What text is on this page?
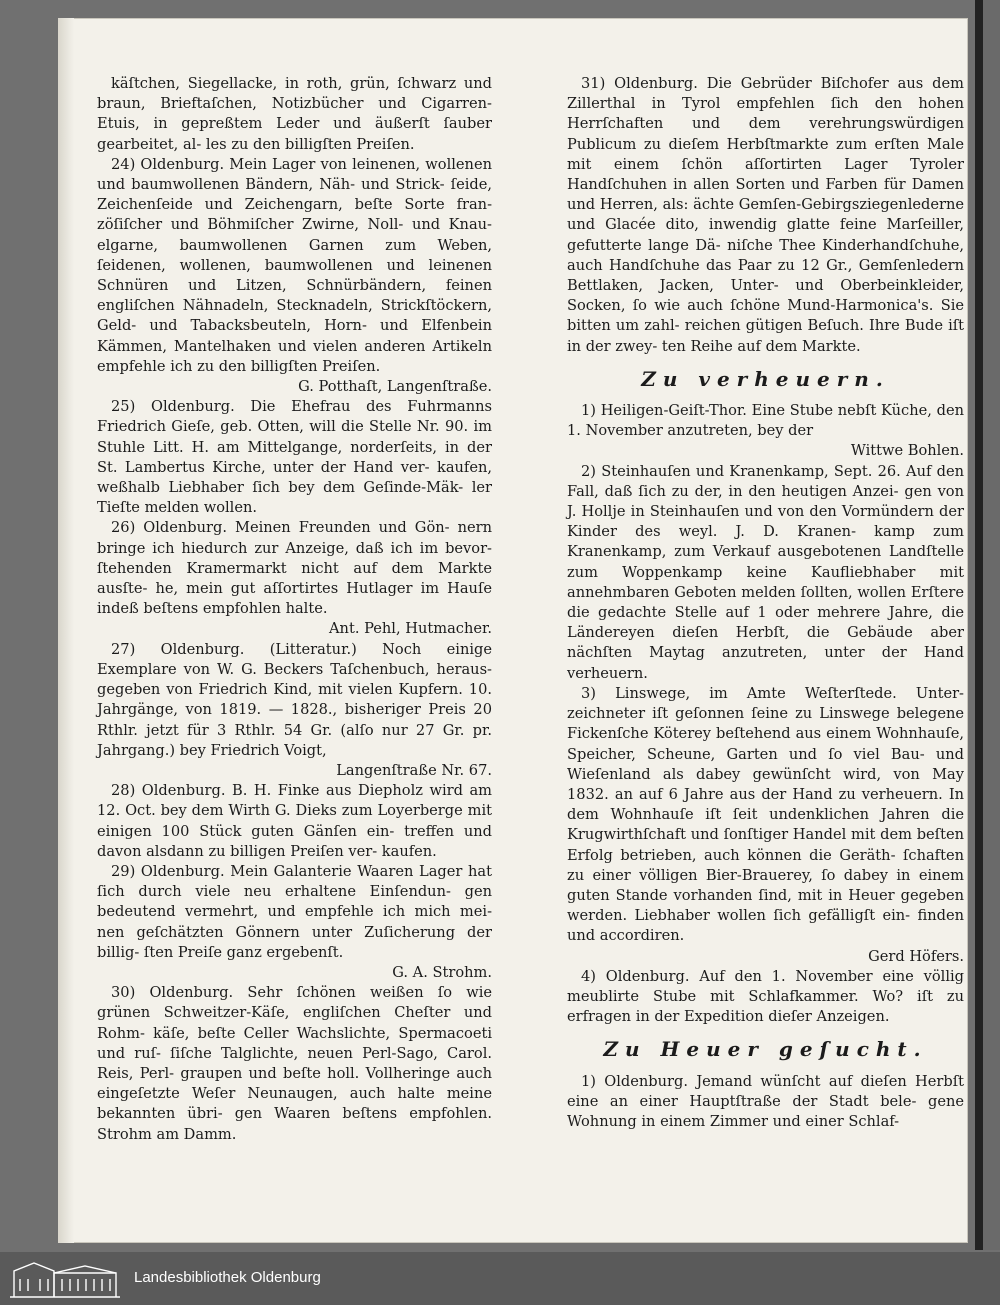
käſtchen, Siegellacke, in roth, grün, ſchwarz und braun, Brieftaſchen, Notizbücher und Cigarren-Etuis, in gepreßtem Leder und äußerſt ſauber gearbeitet, al- les zu den billigſten Preiſen.

24) Oldenburg. Mein Lager von leinenen, wollenen und baumwollenen Bändern, Näh- und Strick- ſeide, Zeichenſeide und Zeichengarn, beſte Sorte fran- zöſiſcher und Böhmiſcher Zwirne, Noll- und Knau- elgarne, baumwollenen Garnen zum Weben, ſeidenen, wollenen, baumwollenen und leinenen Schnüren und Litzen, Schnürbändern, feinen engliſchen Nähnadeln, Stecknadeln, Strickſtöckern, Geld- und Tabacksbeuteln, Horn- und Elfenbein Kämmen, Mantelhaken und vielen anderen Artikeln empfehle ich zu den billigſten Preiſen.

G. Potthaſt, Langenſtraße.

25) Oldenburg. Die Ehefrau des Fuhrmanns Friedrich Gieſe, geb. Otten, will die Stelle Nr. 90. im Stuhle Litt. H. am Mittelgange, norderſeits, in der St. Lambertus Kirche, unter der Hand ver- kaufen, weßhalb Liebhaber ſich bey dem Geſinde-Mäk- ler Tieſte melden wollen.

26) Oldenburg. Meinen Freunden und Gön- nern bringe ich hiedurch zur Anzeige, daß ich im bevor- ſtehenden Kramermarkt nicht auf dem Markte ausſte- he, mein gut aſſortirtes Hutlager im Hauſe indeß beſtens empfohlen halte.

Ant. Pehl, Hutmacher.

27) Oldenburg. (Litteratur.) Noch einige Exemplare von W. G. Beckers Taſchenbuch, heraus- gegeben von Friedrich Kind, mit vielen Kupfern. 10. Jahrgänge, von 1819. — 1828., bisheriger Preis 20 Rthlr. jetzt für 3 Rthlr. 54 Gr. (alſo nur 27 Gr. pr. Jahrgang.) bey Friedrich Voigt,

Langenſtraße Nr. 67.

28) Oldenburg. B. H. Finke aus Diepholz wird am 12. Oct. bey dem Wirth G. Dieks zum Loyerberge mit einigen 100 Stück guten Gänſen ein- treffen und davon alsdann zu billigen Preiſen ver- kaufen.

29) Oldenburg. Mein Galanterie Waaren Lager hat ſich durch viele neu erhaltene Einſendun- gen bedeutend vermehrt, und empfehle ich mich mei- nen geſchätzten Gönnern unter Zuſicherung der billig- ſten Preiſe ganz ergebenſt.

G. A. Strohm.

30) Oldenburg. Sehr ſchönen weißen ſo wie grünen Schweitzer-Käſe, engliſchen Cheſter und Rohm- käſe, beſte Celler Wachslichte, Spermacoeti und ruſ- ſiſche Talglichte, neuen Perl-Sago, Carol. Reis, Perl- graupen und beſte holl. Vollheringe auch eingeſetzte Weſer Neunaugen, auch halte meine bekannten übri- gen Waaren beſtens empfohlen. Strohm am Damm.

31) Oldenburg. Die Gebrüder Biſchofer aus dem Zillerthal in Tyrol empfehlen ſich den hohen Herrſchaften und dem verehrungswürdigen Publicum zu dieſem Herbſtmarkte zum erſten Male mit einem ſchön aſſortirten Lager Tyroler Handſchuhen in allen Sorten und Farben für Damen und Herren, als: ächte Gemſen-Gebirgsziegenlederne und Glacée dito, inwendig glatte feine Marſeiller, gefutterte lange Dä- niſche Thee Kinderhandſchuhe, auch Handſchuhe das Paar zu 12 Gr., Gemſenledern Bettlaken, Jacken, Unter- und Oberbeinkleider, Socken, ſo wie auch ſchöne Mund-Harmonica's. Sie bitten um zahl- reichen gütigen Beſuch. Ihre Bude iſt in der zwey- ten Reihe auf dem Markte.

Zu verheuern.

1) Heiligen-Geiſt-Thor. Eine Stube nebſt Küche, den 1. November anzutreten, bey der

Wittwe Bohlen.

2) Steinhauſen und Kranenkamp, Sept. 26. Auf den Fall, daß ſich zu der, in den heutigen Anzei- gen von J. Hollje in Steinhauſen und von den Vormündern der Kinder des weyl. J. D. Kranen- kamp zum Kranenkamp, zum Verkauf ausgebotenen Landſtelle zum Woppenkamp keine Kaufliebhaber mit annehmbaren Geboten melden ſollten, wollen Erſtere die gedachte Stelle auf 1 oder mehrere Jahre, die Ländereyen dieſen Herbſt, die Gebäude aber nächſten Maytag anzutreten, unter der Hand verheuern.

3) Linswege, im Amte Weſterſtede. Unter- zeichneter iſt geſonnen ſeine zu Linswege belegene Fickenſche Köterey beſtehend aus einem Wohnhauſe, Speicher, Scheune, Garten und ſo viel Bau- und Wieſenland als dabey gewünſcht wird, von May 1832. an auf 6 Jahre aus der Hand zu verheuern. In dem Wohnhauſe iſt ſeit undenklichen Jahren die Krugwirthſchaft und ſonſtiger Handel mit dem beſten Erfolg betrieben, auch können die Geräth- ſchaften zu einer völligen Bier-Brauerey, ſo dabey in einem guten Stande vorhanden ſind, mit in Heuer gegeben werden. Liebhaber wollen ſich gefälligſt ein- finden und accordiren.

Gerd Höfers.

4) Oldenburg. Auf den 1. November eine völlig meublirte Stube mit Schlafkammer. Wo? iſt zu erfragen in der Expedition dieſer Anzeigen.

Zu Heuer geſucht.

1) Oldenburg. Jemand wünſcht auf dieſen Herbſt eine an einer Hauptſtraße der Stadt bele- gene Wohnung in einem Zimmer und einer Schlaf-

Landesbibliothek Oldenburg
